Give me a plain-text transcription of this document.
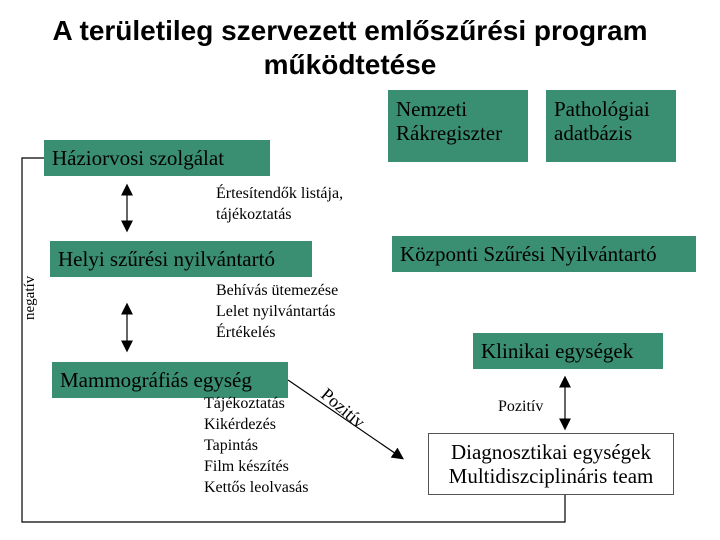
A területileg szervezett emlőszűrési program
működtetése
Háziorvosi szolgálat
Nemzeti
Rákregiszter
Pathológiai
adatbázis
Értesítendők listája,
tájékoztatás
Helyi szűrési nyilvántartó	Központi Szűrési Nyilvántartó
Behívás ütemezése
Lelet nyilvántartás
Értékelés
Klinikai egységek
Mammográfiás egység
Tájékoztatás
Kikérdezés
Tapintás
Film készítés
Kettős leolvasás
Pozitív	Pozitív
Diagnosztikai egységek
Multidiszciplináris team
negatív
